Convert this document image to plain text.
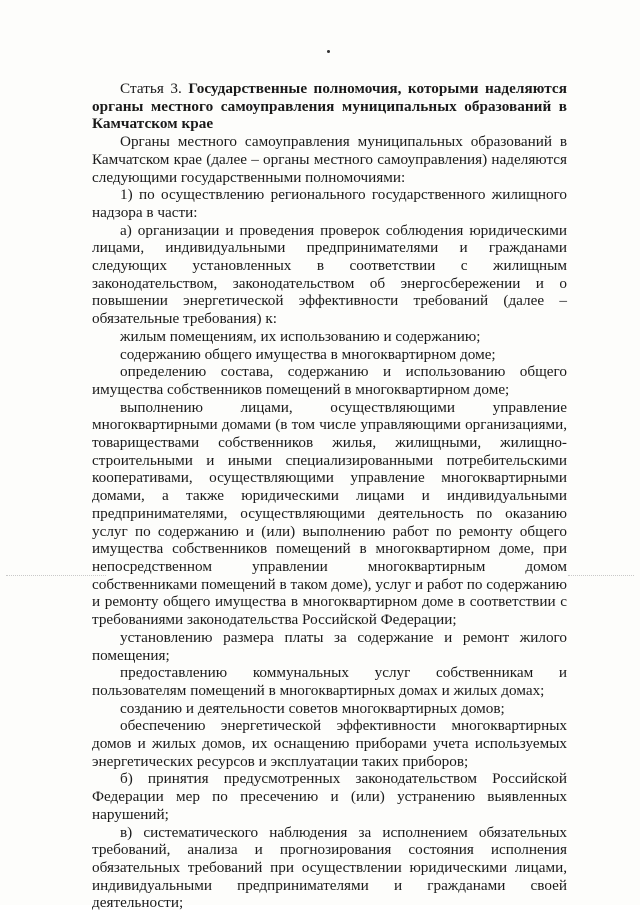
Статья 3. Государственные полномочия, которыми наделяются органы местного самоуправления муниципальных образований в Камчатском крае

Органы местного самоуправления муниципальных образований в Камчатском крае (далее – органы местного самоуправления) наделяются следующими государственными полномочиями:

1) по осуществлению регионального государственного жилищного надзора в части:

а) организации и проведения проверок соблюдения юридическими лицами, индивидуальными предпринимателями и гражданами следующих установленных в соответствии с жилищным законодательством, законодательством об энергосбережении и о повышении энергетической эффективности требований (далее – обязательные требования) к:

жилым помещениям, их использованию и содержанию;

содержанию общего имущества в многоквартирном доме;

определению состава, содержанию и использованию общего имущества собственников помещений в многоквартирном доме;

выполнению лицами, осуществляющими управление многоквартирными домами (в том числе управляющими организациями, товариществами собственников жилья, жилищными, жилищно-строительными и иными специализированными потребительскими кооперативами, осуществляющими управление многоквартирными домами, а также юридическими лицами и индивидуальными предпринимателями, осуществляющими деятельность по оказанию услуг по содержанию и (или) выполнению работ по ремонту общего имущества собственников помещений в многоквартирном доме, при непосредственном управлении многоквартирным домом собственниками помещений в таком доме), услуг и работ по содержанию и ремонту общего имущества в многоквартирном доме в соответствии с требованиями законодательства Российской Федерации;

установлению размера платы за содержание и ремонт жилого помещения;

предоставлению коммунальных услуг собственникам и пользователям помещений в многоквартирных домах и жилых домах;

созданию и деятельности советов многоквартирных домов;

обеспечению энергетической эффективности многоквартирных домов и жилых домов, их оснащению приборами учета используемых энергетических ресурсов и эксплуатации таких приборов;

б) принятия предусмотренных законодательством Российской Федерации мер по пресечению и (или) устранению выявленных нарушений;

в) систематического наблюдения за исполнением обязательных требований, анализа и прогнозирования состояния исполнения обязательных требований при осуществлении юридическими лицами, индивидуальными предпринимателями и гражданами своей деятельности;
